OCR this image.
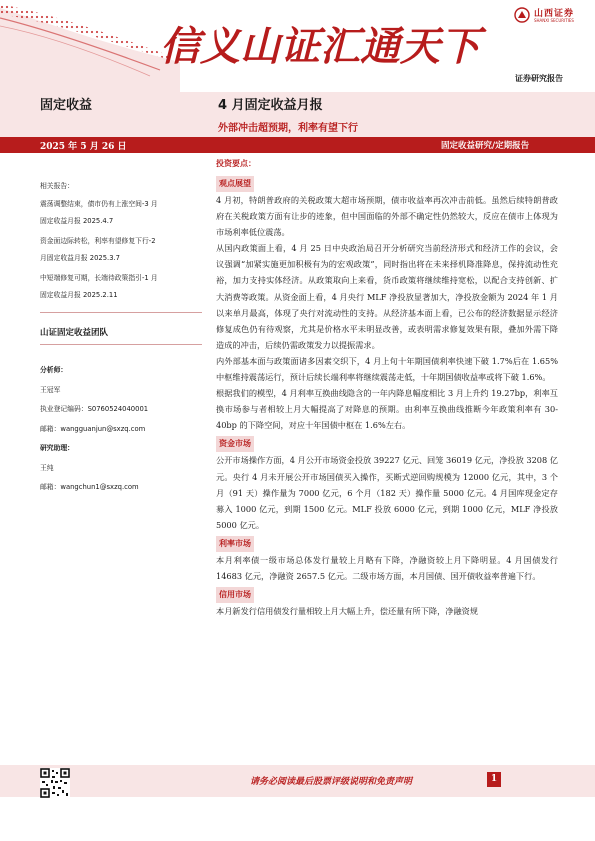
信义山证汇通天下
山西证券
SHANXI SECURITIES
证券研究报告
固定收益	4 月固定收益月报
外部冲击超预期，利率有望下行
2025 年 5 月 26 日	固定收益研究/定期报告
相关报告：
震荡调整结束，债市仍有上涨空间-3 月
固定收益月报 2025.4.7
资金面边际转松，利率有望修复下行-2
月固定收益月报 2025.3.7
中短端修复可期，长端待政策指引-1 月
固定收益月报 2025.2.11
山证固定收益团队
分析师：
王冠军
执业登记编码：S0760524040001
邮箱：wangguanjun@sxzq.com
研究助理：
王纯
邮箱：wangchun1@sxzq.com
投资要点：
观点展望

4 月初，特朗普政府的关税政策大超市场预期，债市收益率再次冲击前低。虽然后续特朗普政府在关税政策方面有让步的迹象，但中国面临的外部不确定性仍然较大，反应在债市上体现为市场利率低位震荡。

从国内政策面上看，4 月 25 日中央政治局召开分析研究当前经济形式和经济工作的会议，会议强调“加紧实施更加积极有为的宏观政策”，同时指出将在未来择机降准降息，保持流动性充裕，加力支持实体经济。从政策取向上来看，货币政策将继续维持宽松，以配合支持创新、扩大消费等政策。从资金面上看，4 月央行 MLF 净投放显著加大，净投放金额为 2024 年 1 月以来单月最高，体现了央行对流动性的支持。从经济基本面上看，已公布的经济数据显示经济修复成色仍有待观察，尤其是价格水平未明显改善，或表明需求修复效果有限，叠加外需下降造成的冲击，后续仍需政策发力以提振需求。

内外部基本面与政策面诸多因素交织下，4 月上旬十年期国债利率快速下破 1.7%后在 1.65%中枢维持震荡运行，预计后续长端利率将继续震荡走低，十年期国债收益率或将下破 1.6%。

根据我们的模型，4 月利率互换曲线隐含的一年内降息幅度相比 3 月上升约 19.27bp，利率互换市场参与者相较上月大幅提高了对降息的预期。由利率互换曲线推断今年政策利率有 30-40bp 的下降空间，对应十年国债中枢在 1.6%左右。

资金市场

公开市场操作方面，4 月公开市场资金投放 39227 亿元、回笼 36019 亿元，净投放 3208 亿元。央行 4 月未开展公开市场国债买入操作，买断式逆回购规模为 12000 亿元，其中，3 个月（91 天）操作量为 7000 亿元，6 个月（182 天）操作量 5000 亿元。4 月国库现金定存募入 1000 亿元，到期 1500 亿元。MLF 投放 6000 亿元，到期 1000 亿元，MLF 净投放 5000 亿元。

利率市场

本月利率债一级市场总体发行量较上月略有下降，净融资较上月下降明显。4 月国债发行 14683 亿元，净融资 2657.5 亿元。二级市场方面，本月国债、国开债收益率普遍下行。

信用市场

本月新发行信用债发行量相较上月大幅上升，偿还量有所下降，净融资规

请务必阅读最后股票评级说明和免责声明	1
